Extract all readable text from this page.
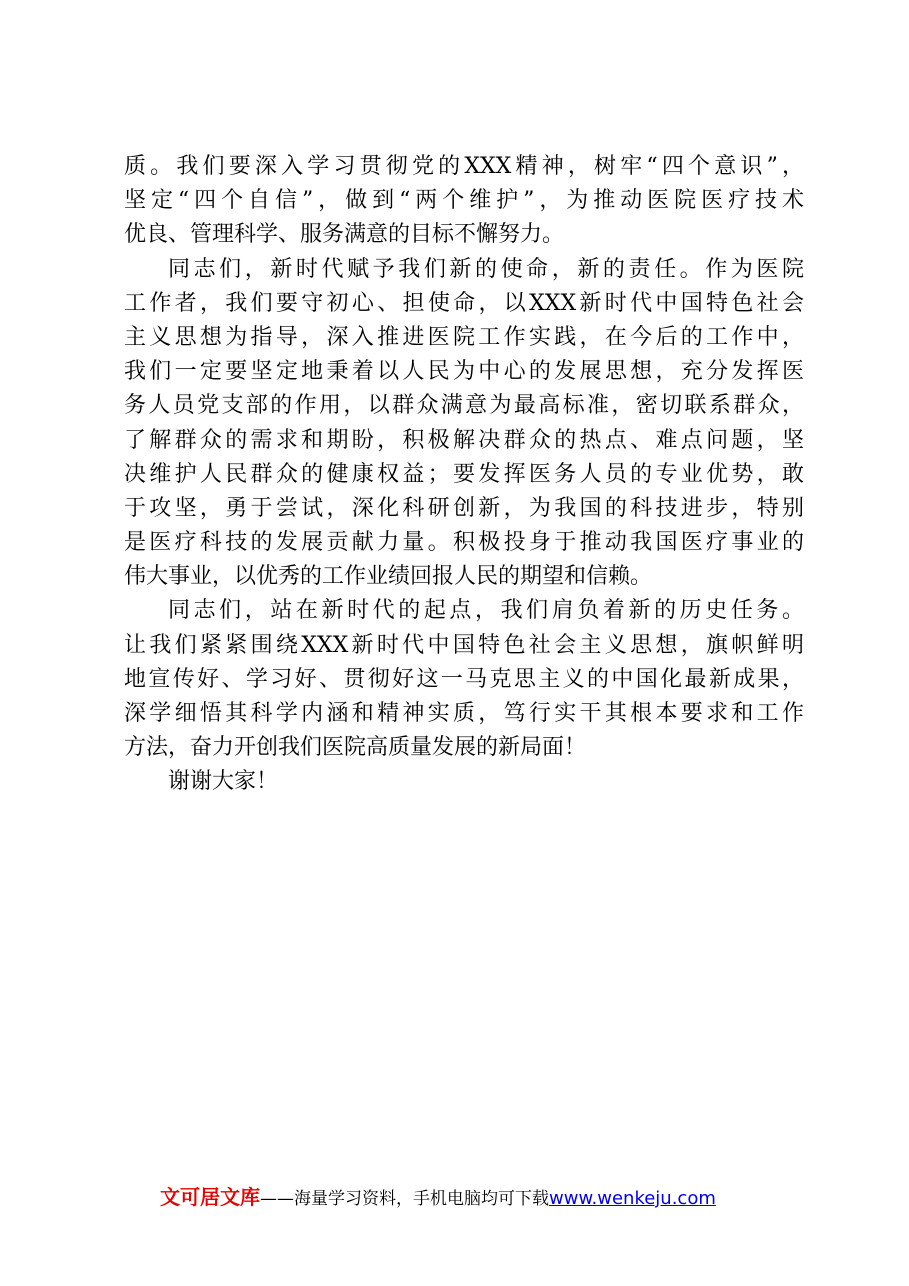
质。我们要深入学习贯彻党的XXX精神，树牢“四个意识”，
坚定“四个自信”，做到“两个维护”，为推动医院医疗技术
优良、管理科学、服务满意的目标不懈努力。
同志们，新时代赋予我们新的使命，新的责任。作为医院
工作者，我们要守初心、担使命，以XXX新时代中国特色社会
主义思想为指导，深入推进医院工作实践，在今后的工作中，
我们一定要坚定地秉着以人民为中心的发展思想，充分发挥医
务人员党支部的作用，以群众满意为最高标准，密切联系群众，
了解群众的需求和期盼，积极解决群众的热点、难点问题，坚
决维护人民群众的健康权益；要发挥医务人员的专业优势，敢
于攻坚，勇于尝试，深化科研创新，为我国的科技进步，特别
是医疗科技的发展贡献力量。积极投身于推动我国医疗事业的
伟大事业，以优秀的工作业绩回报人民的期望和信赖。
同志们，站在新时代的起点，我们肩负着新的历史任务。
让我们紧紧围绕XXX新时代中国特色社会主义思想，旗帜鲜明
地宣传好、学习好、贯彻好这一马克思主义的中国化最新成果，
深学细悟其科学内涵和精神实质，笃行实干其根本要求和工作
方法，奋力开创我们医院高质量发展的新局面！
谢谢大家！
文可居文库——海量学习资料，手机电脑均可下载www.wenkeju.com
